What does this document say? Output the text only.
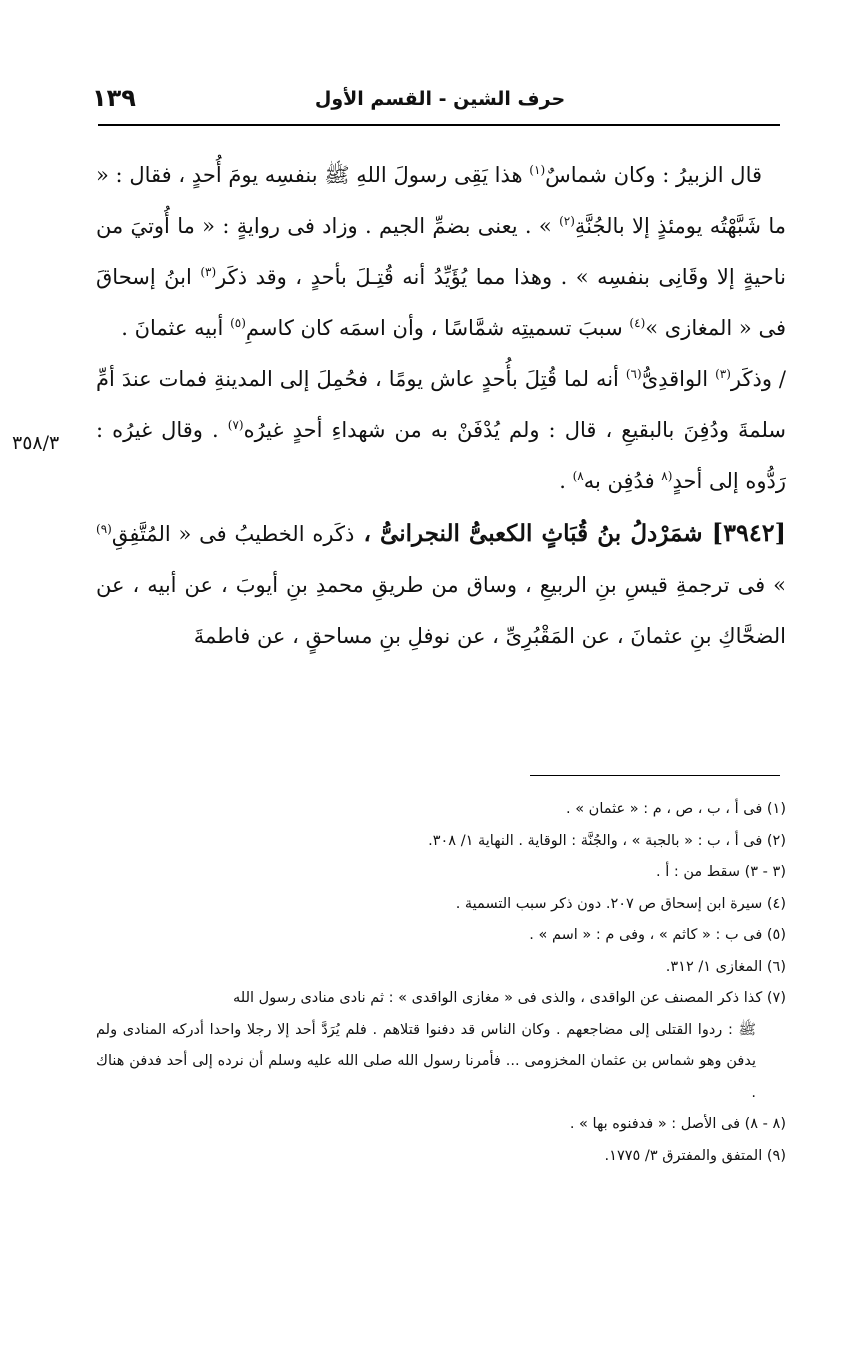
١٣٩	حرف الشين - القسم الأول
٣٥٨/٣

قال الزبيرُ : وكان شماسٌ$^{(١)}$ هذا يَقِى رسولَ اللهِ ﷺ بنفسِه يومَ أُحدٍ ، فقال : « ما شَبَّهْتُه يومئذٍ إلا بالجُنَّةِ$^{(٢)}$ » . يعنى بضمِّ الجيم . وزاد فى روايةٍ : « ما أُوتيَ من ناحيةٍ إلا وقَانِى بنفسِه » . وهذا مما يُؤَيِّدُ أنه قُتِـلَ بأحدٍ ، وقد ذكَر$^{(٣)}$ ابنُ إسحاقَ فى « المغازى »$^{(٤)}$ سببَ تسميتِه شمَّاسًا ، وأن اسمَه كان كاسمِ$^{(٥)}$ أبيه عثمانَ .

/ وذكَر$^{(٣)}$ الواقدِىُّ$^{(٦)}$ أنه لما قُتِلَ بأُحدٍ عاش يومًا ، فحُمِلَ إلى المدينةِ فمات عندَ أمِّ سلمةَ ودُفِنَ بالبقيعِ ، قال : ولم يُدْفَنْ به من شهداءِ أحدٍ غيرُه$^{(٧)}$ . وقال غيرُه : رَدُّوه إلى أحدٍ$^{(٨}$ فدُفِن به$^{٨)}$ .

[٣٩٤٢] شمَرْدلُ بنُ قُبَاثٍ الكعبىُّ النجرانىُّ ، ذكَره الخطيبُ فى « المُتَّفِقِ$^{(٩)}$ » فى ترجمةِ قيسِ بنِ الربيعِ ، وساق من طريقِ محمدِ بنِ أيوبَ ، عن أبيه ، عن الضحَّاكِ بنِ عثمانَ ، عن المَقْبُرِىِّ ، عن نوفلِ بنِ مساحقٍ ، عن فاطمةَ

(١) فى أ ، ب ، ص ، م : « عثمان » .

(٢) فى أ ، ب : « بالجبة » ، والجُنَّة : الوقاية . النهاية ١/ ٣٠٨.

(٣ - ٣) سقط من : أ .

(٤) سيرة ابن إسحاق ص ٢٠٧. دون ذكر سبب التسمية .

(٥) فى ب : « كاثم » ، وفى م : « اسم » .

(٦) المغازى ١/ ٣١٢.

(٧) كذا ذكر المصنف عن الواقدى ، والذى فى « مغازى الواقدى » : ثم نادى منادى رسول الله

ﷺ : ردوا القتلى إلى مضاجعهم . وكان الناس قد دفنوا قتلاهم . فلم يُرَدَّ أحد إلا رجلا واحدا أدركه المنادى ولم يدفن وهو شماس بن عثمان المخزومى ... فأمرنا رسول الله صلى الله عليه وسلم أن نرده إلى أحد فدفن هناك .

(٨ - ٨) فى الأصل : « فدفنوه بها » .

(٩) المتفق والمفترق ٣/ ١٧٧٥.
